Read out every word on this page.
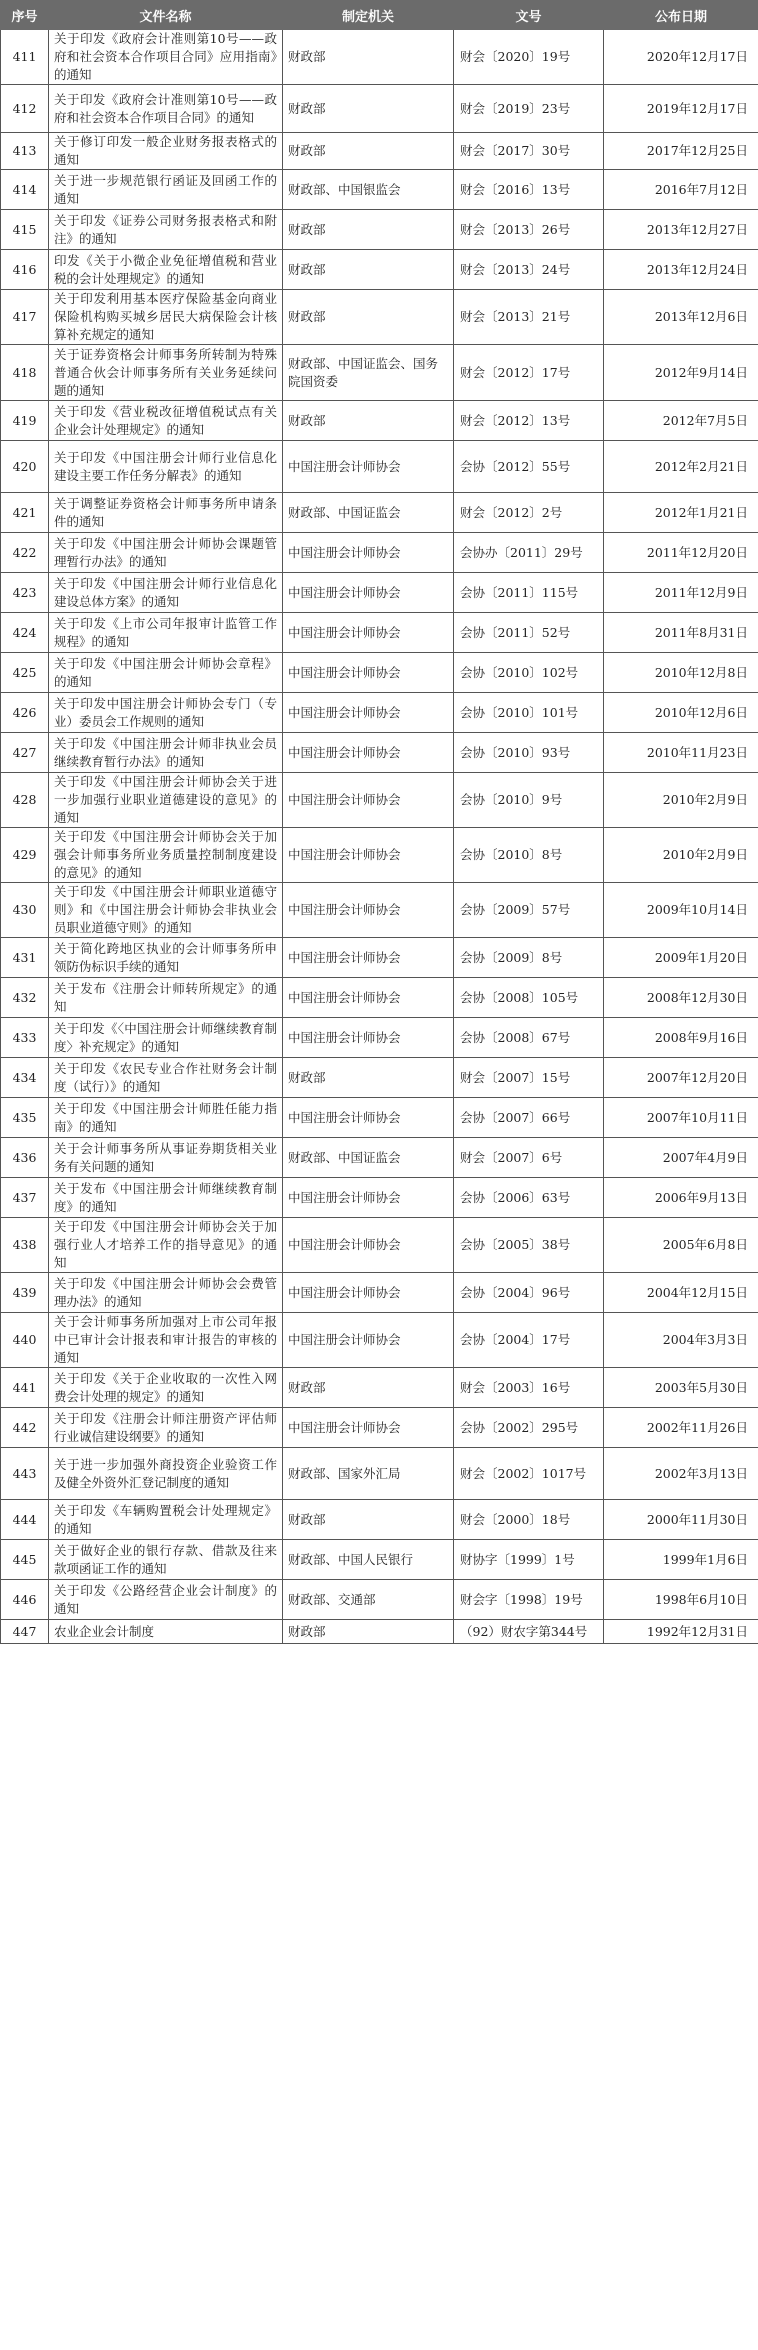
序号	文件名称	制定机关	文号	公布日期
411	关于印发《政府会计准则第10号——政府和社会资本合作项目合同》应用指南》的通知	财政部	财会〔2020〕19号	2020年12月17日
412	关于印发《政府会计准则第10号——政府和社会资本合作项目合同》的通知	财政部	财会〔2019〕23号	2019年12月17日
413	关于修订印发一般企业财务报表格式的通知	财政部	财会〔2017〕30号	2017年12月25日
414	关于进一步规范银行函证及回函工作的通知	财政部、中国银监会	财会〔2016〕13号	2016年7月12日
415	关于印发《证券公司财务报表格式和附注》的通知	财政部	财会〔2013〕26号	2013年12月27日
416	印发《关于小微企业免征增值税和营业税的会计处理规定》的通知	财政部	财会〔2013〕24号	2013年12月24日
417	关于印发利用基本医疗保险基金向商业保险机构购买城乡居民大病保险会计核算补充规定的通知	财政部	财会〔2013〕21号	2013年12月6日
418	关于证券资格会计师事务所转制为特殊普通合伙会计师事务所有关业务延续问题的通知	财政部、中国证监会、国务院国资委	财会〔2012〕17号	2012年9月14日
419	关于印发《营业税改征增值税试点有关企业会计处理规定》的通知	财政部	财会〔2012〕13号	2012年7月5日
420	关于印发《中国注册会计师行业信息化建设主要工作任务分解表》的通知	中国注册会计师协会	会协〔2012〕55号	2012年2月21日
421	关于调整证券资格会计师事务所申请条件的通知	财政部、中国证监会	财会〔2012〕2号	2012年1月21日
422	关于印发《中国注册会计师协会课题管理暂行办法》的通知	中国注册会计师协会	会协办〔2011〕29号	2011年12月20日
423	关于印发《中国注册会计师行业信息化建设总体方案》的通知	中国注册会计师协会	会协〔2011〕115号	2011年12月9日
424	关于印发《上市公司年报审计监管工作规程》的通知	中国注册会计师协会	会协〔2011〕52号	2011年8月31日
425	关于印发《中国注册会计师协会章程》的通知	中国注册会计师协会	会协〔2010〕102号	2010年12月8日
426	关于印发中国注册会计师协会专门（专业）委员会工作规则的通知	中国注册会计师协会	会协〔2010〕101号	2010年12月6日
427	关于印发《中国注册会计师非执业会员继续教育暂行办法》的通知	中国注册会计师协会	会协〔2010〕93号	2010年11月23日
428	关于印发《中国注册会计师协会关于进一步加强行业职业道德建设的意见》的通知	中国注册会计师协会	会协〔2010〕9号	2010年2月9日
429	关于印发《中国注册会计师协会关于加强会计师事务所业务质量控制制度建设的意见》的通知	中国注册会计师协会	会协〔2010〕8号	2010年2月9日
430	关于印发《中国注册会计师职业道德守则》和《中国注册会计师协会非执业会员职业道德守则》的通知	中国注册会计师协会	会协〔2009〕57号	2009年10月14日
431	关于简化跨地区执业的会计师事务所申领防伪标识手续的通知	中国注册会计师协会	会协〔2009〕8号	2009年1月20日
432	关于发布《注册会计师转所规定》的通知	中国注册会计师协会	会协〔2008〕105号	2008年12月30日
433	关于印发《〈中国注册会计师继续教育制度〉补充规定》的通知	中国注册会计师协会	会协〔2008〕67号	2008年9月16日
434	关于印发《农民专业合作社财务会计制度（试行）》的通知	财政部	财会〔2007〕15号	2007年12月20日
435	关于印发《中国注册会计师胜任能力指南》的通知	中国注册会计师协会	会协〔2007〕66号	2007年10月11日
436	关于会计师事务所从事证券期货相关业务有关问题的通知	财政部、中国证监会	财会〔2007〕6号	2007年4月9日
437	关于发布《中国注册会计师继续教育制度》的通知	中国注册会计师协会	会协〔2006〕63号	2006年9月13日
438	关于印发《中国注册会计师协会关于加强行业人才培养工作的指导意见》的通知	中国注册会计师协会	会协〔2005〕38号	2005年6月8日
439	关于印发《中国注册会计师协会会费管理办法》的通知	中国注册会计师协会	会协〔2004〕96号	2004年12月15日
440	关于会计师事务所加强对上市公司年报中已审计会计报表和审计报告的审核的通知	中国注册会计师协会	会协〔2004〕17号	2004年3月3日
441	关于印发《关于企业收取的一次性入网费会计处理的规定》的通知	财政部	财会〔2003〕16号	2003年5月30日
442	关于印发《注册会计师注册资产评估师行业诚信建设纲要》的通知	中国注册会计师协会	会协〔2002〕295号	2002年11月26日
443	关于进一步加强外商投资企业验资工作及健全外资外汇登记制度的通知	财政部、国家外汇局	财会〔2002〕1017号	2002年3月13日
444	关于印发《车辆购置税会计处理规定》的通知	财政部	财会〔2000〕18号	2000年11月30日
445	关于做好企业的银行存款、借款及往来款项函证工作的通知	财政部、中国人民银行	财协字〔1999〕1号	1999年1月6日
446	关于印发《公路经营企业会计制度》的通知	财政部、交通部	财会字〔1998〕19号	1998年6月10日
447	农业企业会计制度	财政部	（92）财农字第344号	1992年12月31日
